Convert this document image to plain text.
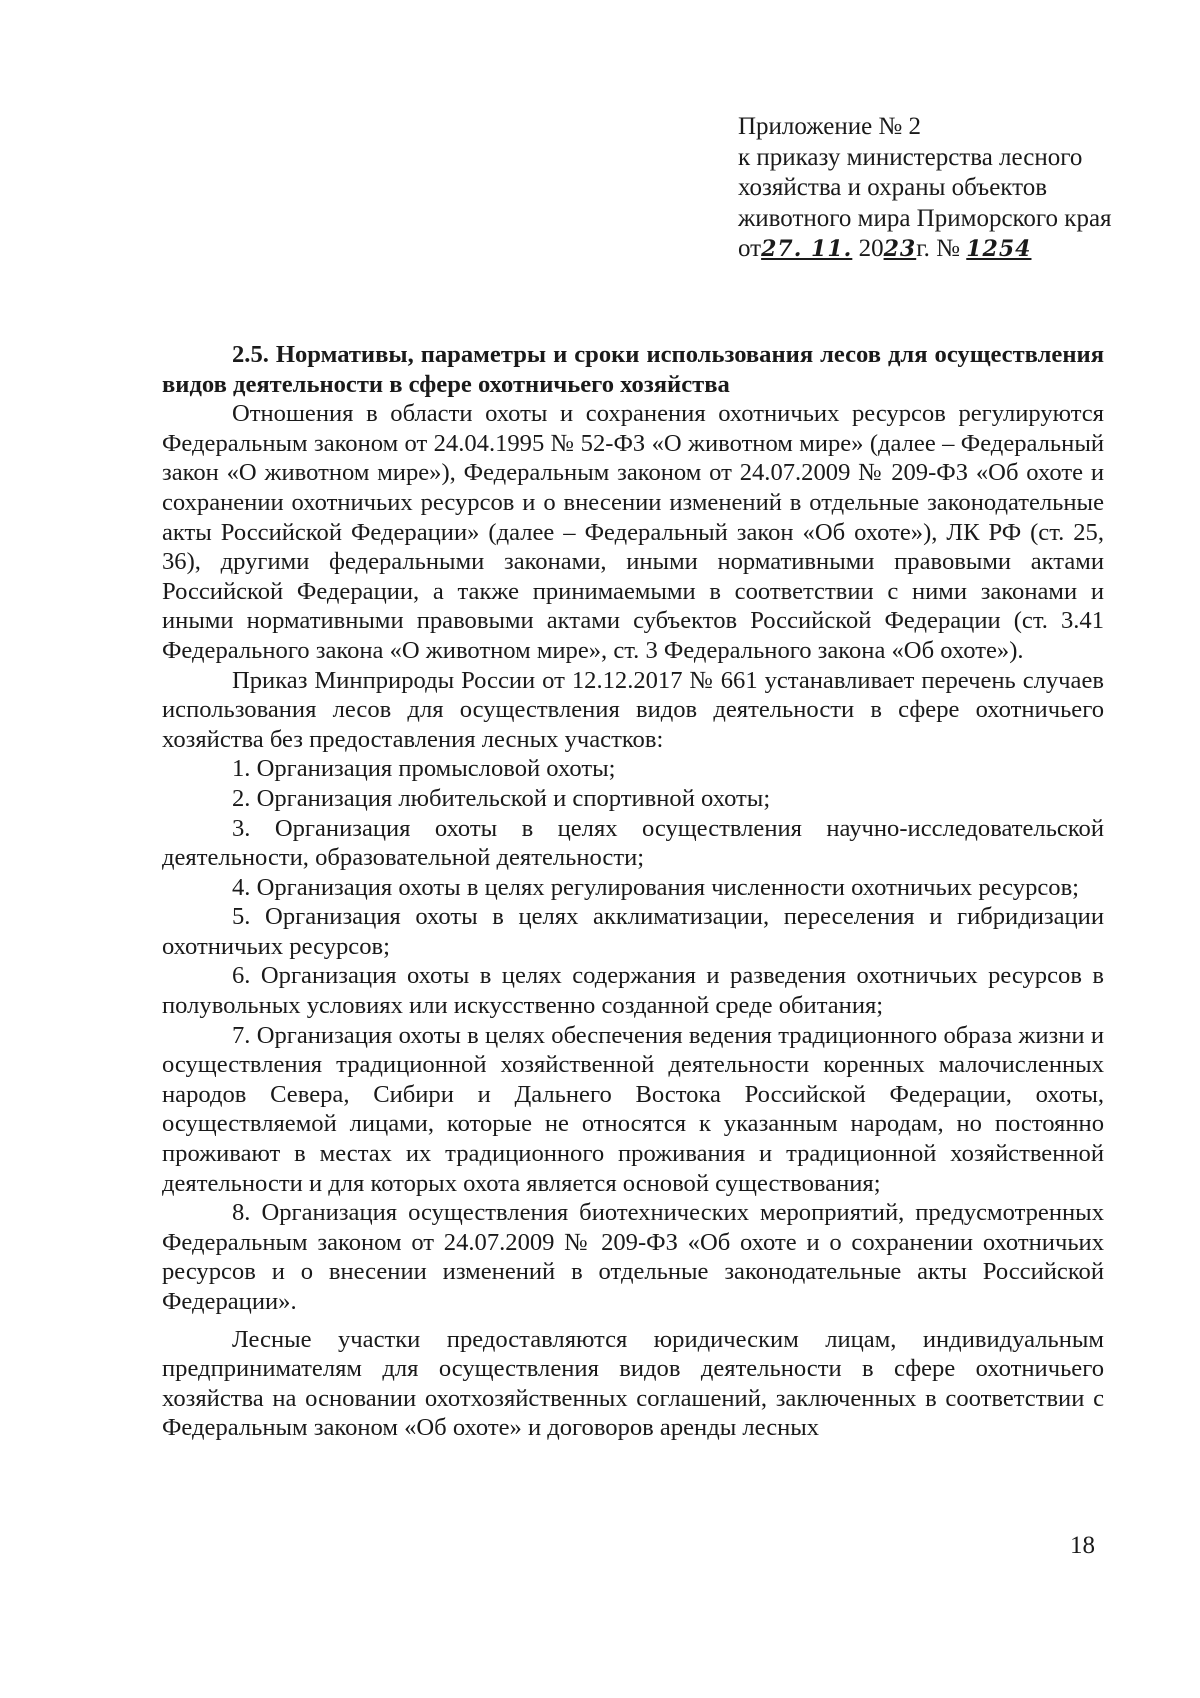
Приложение № 2
к приказу министерства лесного
хозяйства и охраны объектов
животного мира Приморского края
от27. 11. 2023г. № 1254

2.5. Нормативы, параметры и сроки использования лесов для осуществления видов деятельности в сфере охотничьего хозяйства

Отношения в области охоты и сохранения охотничьих ресурсов регулируются Федеральным законом от 24.04.1995 № 52-ФЗ «О животном мире» (далее – Федеральный закон «О животном мире»), Федеральным законом от 24.07.2009 № 209-ФЗ «Об охоте и сохранении охотничьих ресурсов и о внесении изменений в отдельные законодательные акты Российской Федерации» (далее – Федеральный закон «Об охоте»), ЛК РФ (ст. 25, 36), другими федеральными законами, иными нормативными правовыми актами Российской Федерации, а также принимаемыми в соответствии с ними законами и иными нормативными правовыми актами субъектов Российской Федерации (ст. 3.41 Федерального закона «О животном мире», ст. 3 Федерального закона «Об охоте»).

Приказ Минприроды России от 12.12.2017 № 661 устанавливает перечень случаев использования лесов для осуществления видов деятельности в сфере охотничьего хозяйства без предоставления лесных участков:

1. Организация промысловой охоты;

2. Организация любительской и спортивной охоты;

3. Организация охоты в целях осуществления научно-исследовательской деятельности, образовательной деятельности;

4. Организация охоты в целях регулирования численности охотничьих ресурсов;

5. Организация охоты в целях акклиматизации, переселения и гибридизации охотничьих ресурсов;

6. Организация охоты в целях содержания и разведения охотничьих ресурсов в полувольных условиях или искусственно созданной среде обитания;

7. Организация охоты в целях обеспечения ведения традиционного образа жизни и осуществления традиционной хозяйственной деятельности коренных малочисленных народов Севера, Сибири и Дальнего Востока Российской Федерации, охоты, осуществляемой лицами, которые не относятся к указанным народам, но постоянно проживают в местах их традиционного проживания и традиционной хозяйственной деятельности и для которых охота является основой существования;

8. Организация осуществления биотехнических мероприятий, предусмотренных Федеральным законом от 24.07.2009 № 209-ФЗ «Об охоте и о сохранении охотничьих ресурсов и о внесении изменений в отдельные законодательные акты Российской Федерации».

Лесные участки предоставляются юридическим лицам, индивидуальным предпринимателям для осуществления видов деятельности в сфере охотничьего хозяйства на основании охотхозяйственных соглашений, заключенных в соответствии с Федеральным законом «Об охоте» и договоров аренды лесных

18
